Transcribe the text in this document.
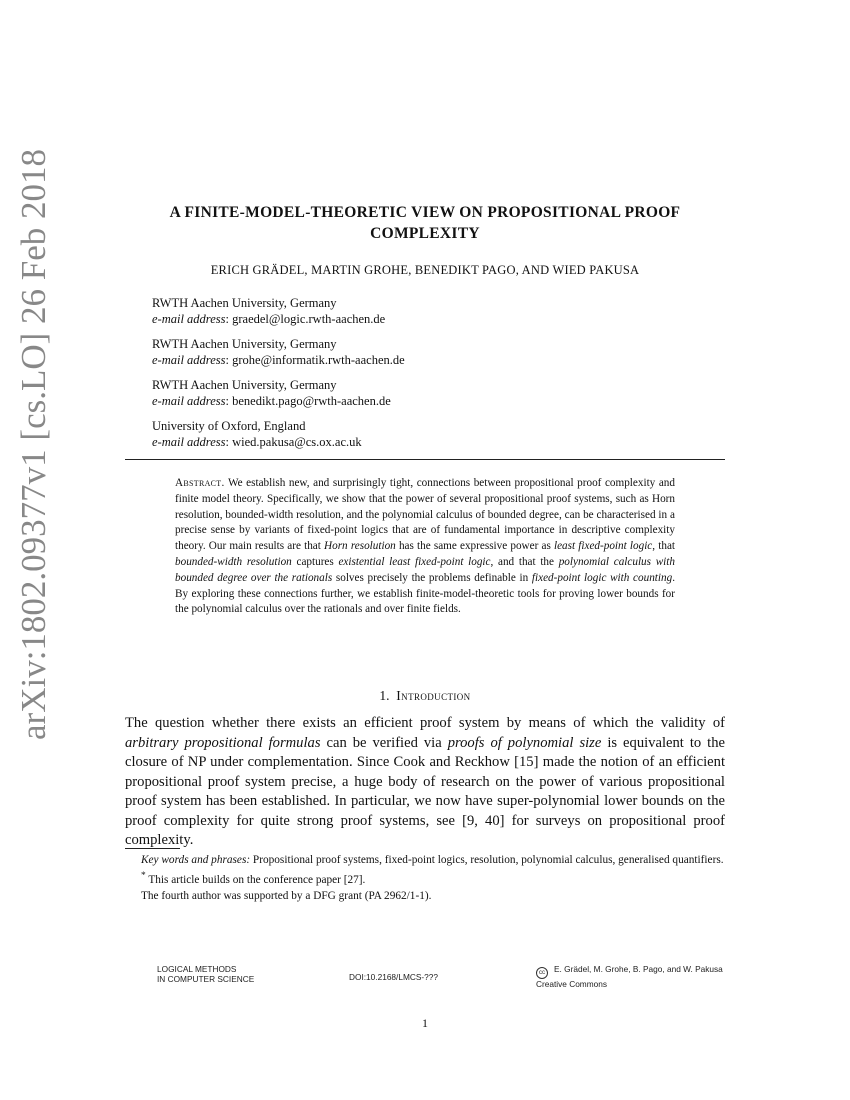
arXiv:1802.09377v1 [cs.LO] 26 Feb 2018	A FINITE-MODEL-THEORETIC VIEW ON PROPOSITIONAL PROOF
COMPLEXITY
ERICH GRÄDEL, MARTIN GROHE, BENEDIKT PAGO, AND WIED PAKUSA
RWTH Aachen University, Germany
e-mail address: graedel@logic.rwth-aachen.de
RWTH Aachen University, Germany
e-mail address: grohe@informatik.rwth-aachen.de
RWTH Aachen University, Germany
e-mail address: benedikt.pago@rwth-aachen.de
University of Oxford, England
e-mail address: wied.pakusa@cs.ox.ac.uk
Abstract. We establish new, and surprisingly tight, connections between propositional proof complexity and finite model theory. Specifically, we show that the power of several propositional proof systems, such as Horn resolution, bounded-width resolution, and the polynomial calculus of bounded degree, can be characterised in a precise sense by variants of fixed-point logics that are of fundamental importance in descriptive complexity theory. Our main results are that Horn resolution has the same expressive power as least fixed-point logic, that bounded-width resolution captures existential least fixed-point logic, and that the polynomial calculus with bounded degree over the rationals solves precisely the problems definable in fixed-point logic with counting. By exploring these connections further, we establish finite-model-theoretic tools for proving lower bounds for the polynomial calculus over the rationals and over finite fields.
1. Introduction
The question whether there exists an efficient proof system by means of which the validity of arbitrary propositional formulas can be verified via proofs of polynomial size is equivalent to the closure of NP under complementation. Since Cook and Reckhow [15] made the notion of an efficient propositional proof system precise, a huge body of research on the power of various propositional proof system has been established. In particular, we now have super-polynomial lower bounds on the proof complexity for quite strong proof systems, see [9, 40] for surveys on propositional proof complexity.

Key words and phrases: Propositional proof systems, fixed-point logics, resolution, polynomial calculus, generalised quantifiers.

* This article builds on the conference paper [27].

The fourth author was supported by a DFG grant (PA 2962/1-1).

LOGICAL METHODS
IN COMPUTER SCIENCE	DOI:10.2168/LMCS-???	cc E. Grädel, M. Grohe, B. Pago, and W. Pakusa
Creative Commons
1
